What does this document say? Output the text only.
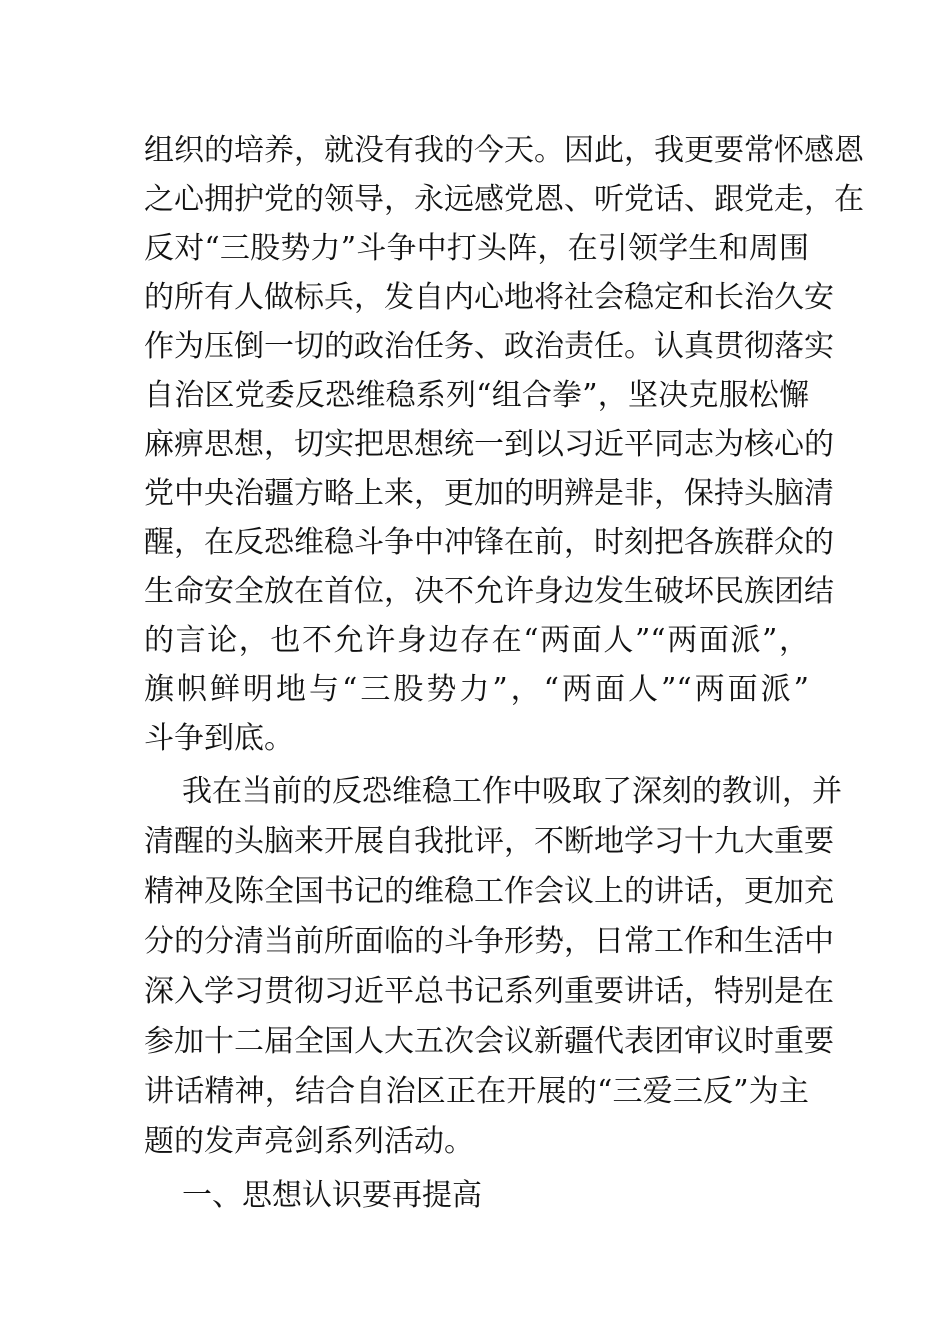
组织的培养，就没有我的今天。因此，我更要常怀感恩
之心拥护党的领导，永远感党恩、听党话、跟党走，在
反对“三股势力”斗争中打头阵，在引领学生和周围
的所有人做标兵，发自内心地将社会稳定和长治久安
作为压倒一切的政治任务、政治责任。认真贯彻落实
自治区党委反恐维稳系列“组合拳”，坚决克服松懈
麻痹思想，切实把思想统一到以习近平同志为核心的
党中央治疆方略上来，更加的明辨是非，保持头脑清
醒，在反恐维稳斗争中冲锋在前，时刻把各族群众的
生命安全放在首位，决不允许身边发生破坏民族团结
的言论，也不允许身边存在“两面人”“两面派”，
旗帜鲜明地与“三股势力”，“两面人”“两面派”
斗争到底。
我在当前的反恐维稳工作中吸取了深刻的教训，并
清醒的头脑来开展自我批评，不断地学习十九大重要
精神及陈全国书记的维稳工作会议上的讲话，更加充
分的分清当前所面临的斗争形势，日常工作和生活中
深入学习贯彻习近平总书记系列重要讲话，特别是在
参加十二届全国人大五次会议新疆代表团审议时重要
讲话精神，结合自治区正在开展的“三爱三反”为主
题的发声亮剑系列活动。
一、思想认识要再提高
